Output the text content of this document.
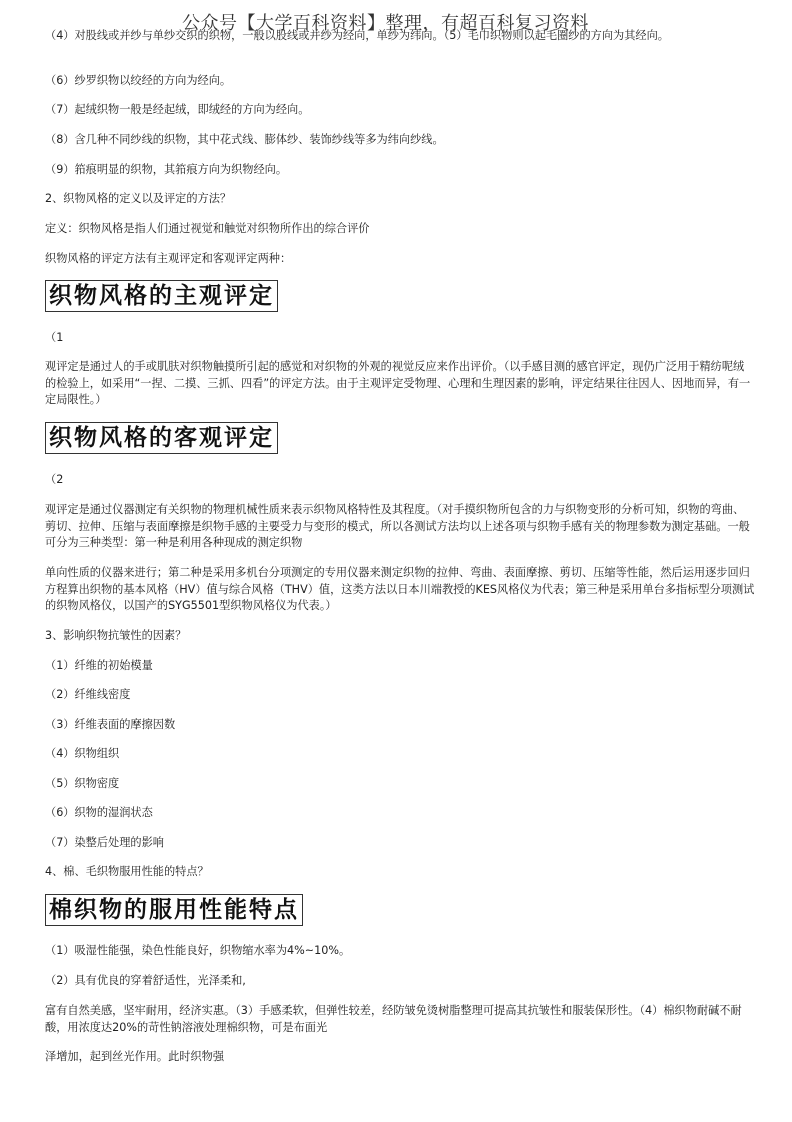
公众号【大学百科资料】整理，有超百科复习资料

（4）对股线或并纱与单纱交织的织物，一般以股线或并纱为经向，单纱为纬向。（5）毛巾织物则以起毛圈纱的方向为其经向。

（6）纱罗织物以绞经的方向为经向。

（7）起绒织物一般是经起绒，即绒经的方向为经向。

（8）含几种不同纱线的织物，其中花式线、膨体纱、装饰纱线等多为纬向纱线。

（9）筘痕明显的织物，其筘痕方向为织物经向。

2、织物风格的定义以及评定的方法？

定义：织物风格是指人们通过视觉和触觉对织物所作出的综合评价

织物风格的评定方法有主观评定和客观评定两种：

织物风格的主观评定

（1

观评定是通过人的手或肌肤对织物触摸所引起的感觉和对织物的外观的视觉反应来作出评价。（以手感目测的感官评定，现仍广泛用于精纺呢绒的检验上，如采用“一捏、二摸、三抓、四看”的评定方法。由于主观评定受物理、心理和生理因素的影响，评定结果往往因人、因地而异，有一定局限性。）

织物风格的客观评定

（2

观评定是通过仪器测定有关织物的物理机械性质来表示织物风格特性及其程度。（对手摸织物所包含的力与织物变形的分析可知，织物的弯曲、剪切、拉伸、压缩与表面摩擦是织物手感的主要受力与变形的模式，所以各测试方法均以上述各项与织物手感有关的物理参数为测定基础。一般可分为三种类型：第一种是利用各种现成的测定织物

单向性质的仪器来进行；第二种是采用多机台分项测定的专用仪器来测定织物的拉伸、弯曲、表面摩擦、剪切、压缩等性能，然后运用逐步回归方程算出织物的基本风格（HV）值与综合风格（THV）值，这类方法以日本川端教授的KES风格仪为代表；第三种是采用单台多指标型分项测试的织物风格仪，以国产的SYG5501型织物风格仪为代表。）

3、影响织物抗皱性的因素？

（1）纤维的初始模量

（2）纤维线密度

（3）纤维表面的摩擦因数

（4）织物组织

（5）织物密度

（6）织物的湿润状态

（7）染整后处理的影响

4、棉、毛织物服用性能的特点？

棉织物的服用性能特点

（1）吸湿性能强，染色性能良好，织物缩水率为4%~10%。

（2）具有优良的穿着舒适性，光泽柔和,

富有自然美感，坚牢耐用，经济实惠。（3）手感柔软，但弹性较差，经防皱免烫树脂整理可提高其抗皱性和服装保形性。（4）棉织物耐碱不耐酸，用浓度达20%的苛性钠溶液处理棉织物，可是布面光

泽增加，起到丝光作用。此时织物强
